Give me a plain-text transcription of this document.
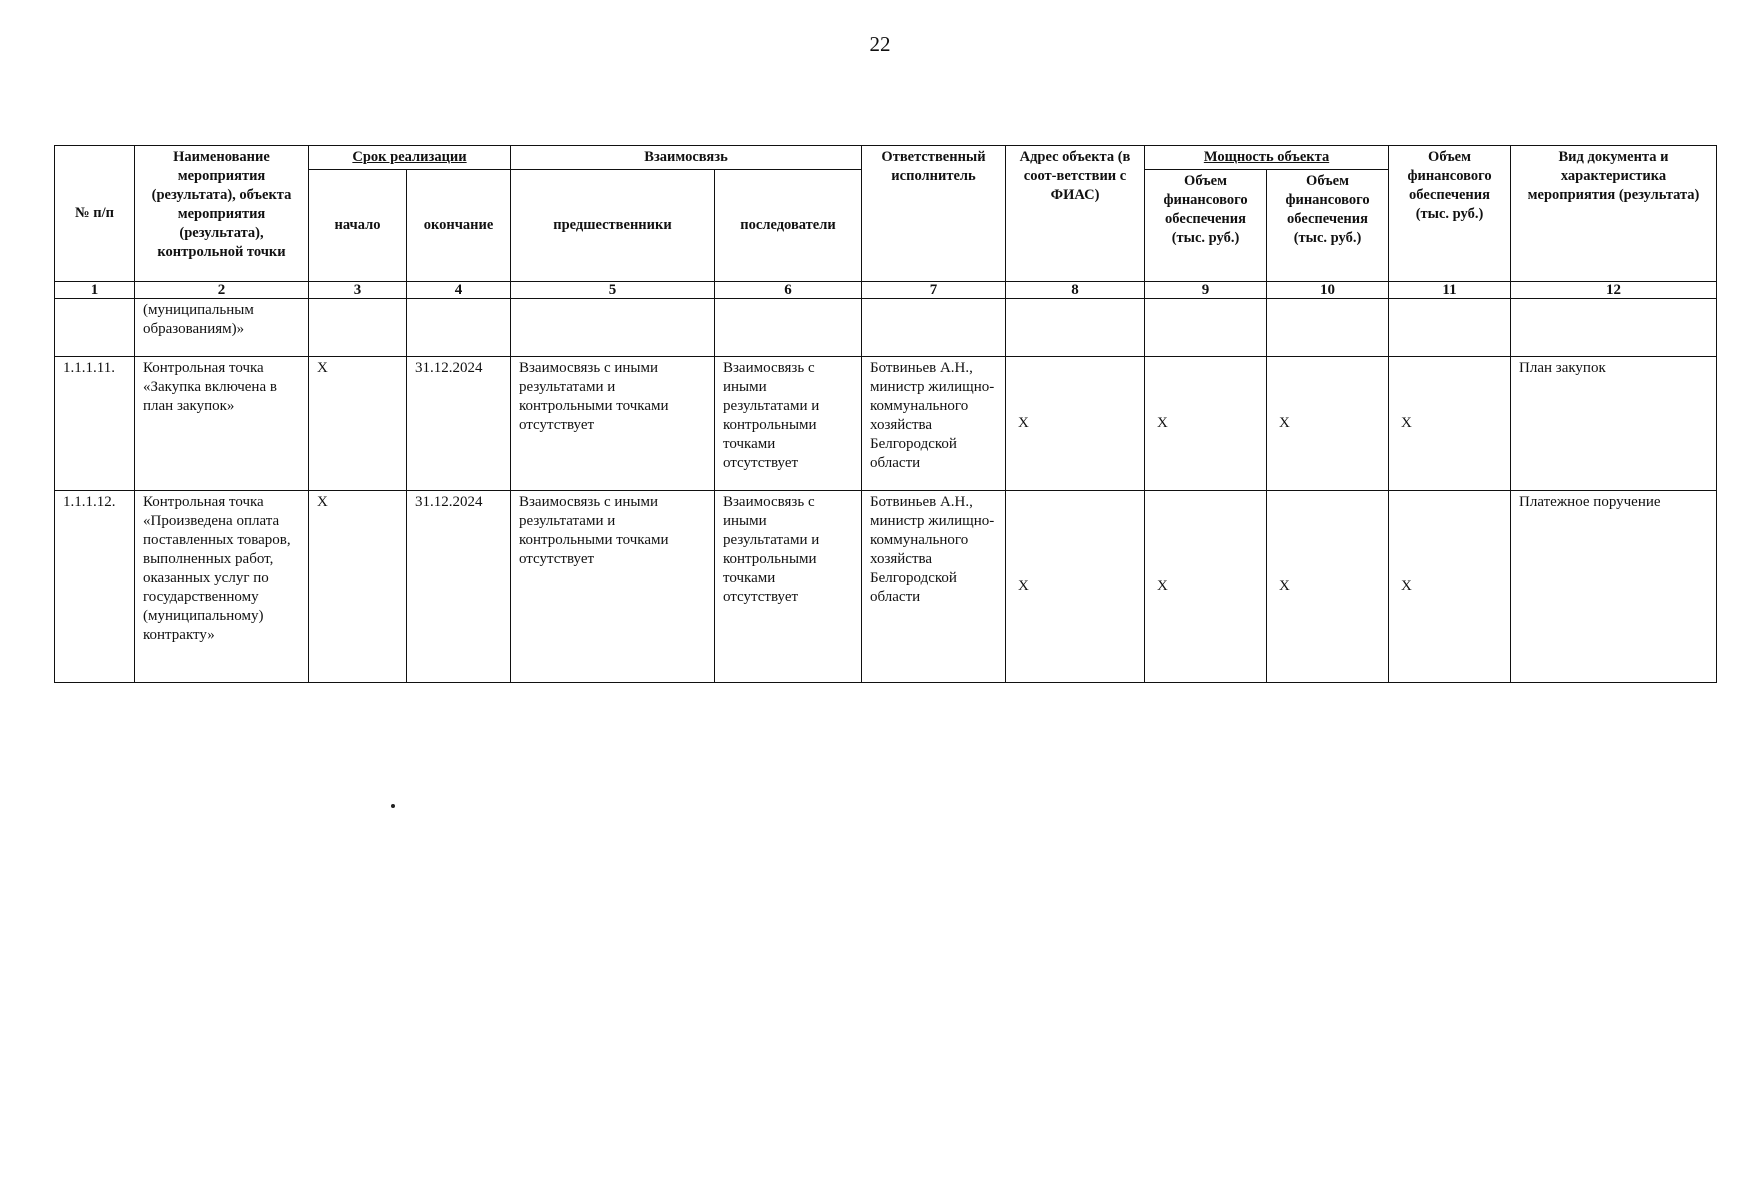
22
№ п/п	Наименование мероприятия (результата), объекта мероприятия (результата), контрольной точки	Срок реализации		Взаимосвязь		Ответственный исполнитель	Адрес объекта (в соот-ветствии с ФИАС)	Мощность объекта		Объем финансового обеспечения (тыс. руб.)	Вид документа и характеристика мероприятия (результата)
		начало	окончание	предшественники	последователи			Объем финансового обеспечения (тыс. руб.)	Объем финансового обеспечения (тыс. руб.)		
1	2	3	4	5	6	7	8	9	10	11	12
	(муниципальным образованиям)»										
1.1.1.11.	Контрольная точка «Закупка включена в план закупок»	X	31.12.2024	Взаимосвязь с иными результатами и контрольными точками отсутствует	Взаимосвязь с иными результатами и контрольными точками отсутствует	Ботвиньев А.Н., министр жилищно-коммунального хозяйства Белгородской области	X	X	X	X	План закупок
1.1.1.12.	Контрольная точка «Произведена оплата поставленных товаров, выполненных работ, оказанных услуг по государственному (муниципальному) контракту»	X	31.12.2024	Взаимосвязь с иными результатами и контрольными точками отсутствует	Взаимосвязь с иными результатами и контрольными точками отсутствует	Ботвиньев А.Н., министр жилищно-коммунального хозяйства Белгородской области	X	X	X	X	Платежное поручение
